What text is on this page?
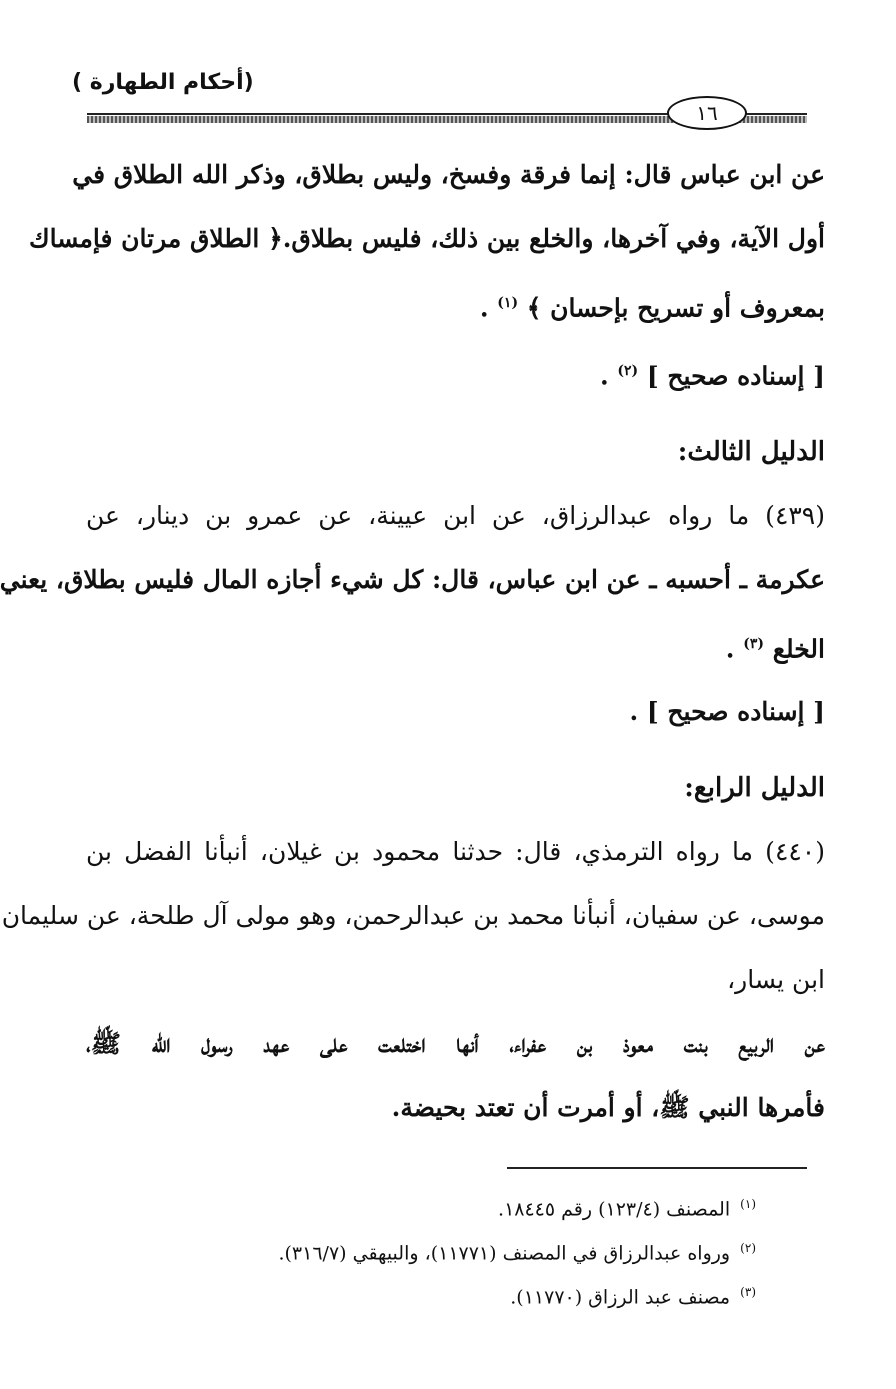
(أحكام الطهارة )
١٦
عن ابن عباس قال: إنما فرقة وفسخ، وليس بطلاق، وذكر الله الطلاق في
أول الآية، وفي آخرها، والخلع بين ذلك، فليس بطلاق.﴿ الطلاق مرتان فإمساك
بمعروف أو تسريح بإحسان ﴾ $^{(١)}$ .
[ إسناده صحيح ] $^{(٢)}$ .
الدليل الثالث:
(٤٣٩) ما رواه عبدالرزاق، عن ابن عيينة، عن عمرو بن دينار، عن
عكرمة ـ أحسبه ـ عن ابن عباس، قال: كل شيء أجازه المال فليس بطلاق، يعني
الخلع $^{(٣)}$ .
[ إسناده صحيح ] .
الدليل الرابع:
(٤٤٠) ما رواه الترمذي، قال: حدثنا محمود بن غيلان، أنبأنا الفضل بن
موسى، عن سفيان، أنبأنا محمد بن عبدالرحمن، وهو مولى آل طلحة، عن سليمان
ابن يسار،
عن الربيع بنت معوذ بن عفراء، أنها اختلعت على عهد رسول الله ﷺ،
فأمرها النبي ﷺ، أو أمرت أن تعتد بحيضة.
$^{(١)}$ المصنف (١٢٣/٤) رقم ١٨٤٤٥.
$^{(٢)}$ ورواه عبدالرزاق في المصنف (١١٧٧١)، والبيهقي (٣١٦/٧).
$^{(٣)}$ مصنف عبد الرزاق (١١٧٧٠).
